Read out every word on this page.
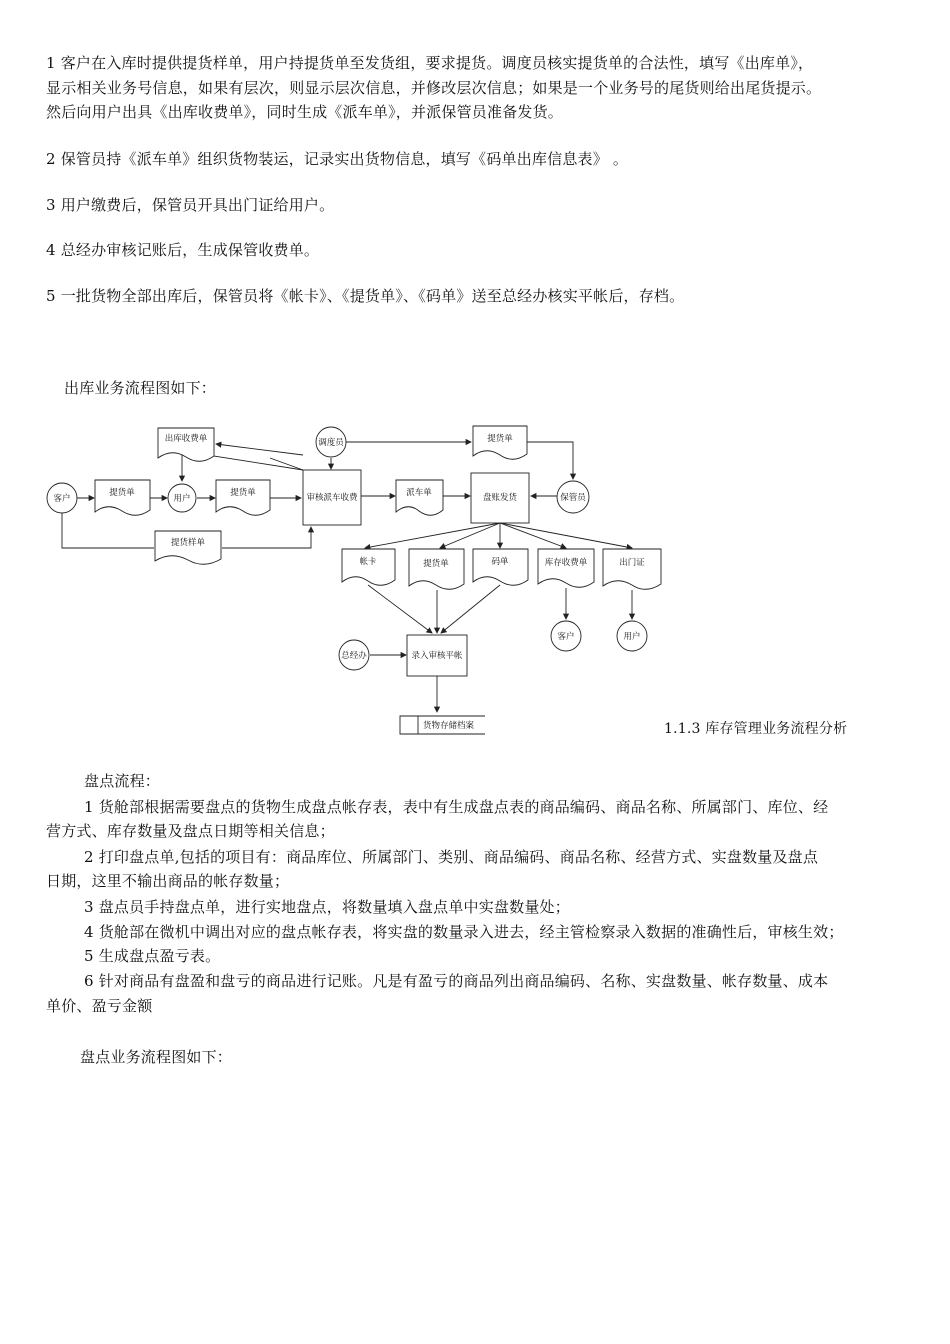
1 客户在入库时提供提货样单，用户持提货单至发货组，要求提货。调度员核实提货单的合法性，填写《出库单》，
显示相关业务号信息，如果有层次，则显示层次信息，并修改层次信息；如果是一个业务号的尾货则给出尾货提示。
然后向用户出具《出库收费单》，同时生成《派车单》，并派保管员准备发货。
2 保管员持《派车单》组织货物装运，记录实出货物信息，填写《码单出库信息表》 。
3 用户缴费后，保管员开具出门证给用户。
4 总经办审核记账后，生成保管收费单。
5 一批货物全部出库后，保管员将《帐卡》、《提货单》、《码单》送至总经办核实平帐后，存档。
出库业务流程图如下：
客户
提货单
用户
提货单	审核派车收费
出库收费单	调度员	提货单
提货样单
派车单	盘账发货	保管员
帐卡	提货单	码单	库存收费单	出门证
客户	用户
总经办	录入审核平帐
货物存储档案	1.1.3 库存管理业务流程分析
盘点流程：
1 货舱部根据需要盘点的货物生成盘点帐存表，表中有生成盘点表的商品编码、商品名称、所属部门、库位、经
营方式、库存数量及盘点日期等相关信息；
2 打印盘点单,包括的项目有：商品库位、所属部门、类别、商品编码、商品名称、经营方式、实盘数量及盘点
日期，这里不输出商品的帐存数量；
3 盘点员手持盘点单，进行实地盘点，将数量填入盘点单中实盘数量处；
4 货舱部在微机中调出对应的盘点帐存表，将实盘的数量录入进去，经主管检察录入数据的准确性后，审核生效；
5 生成盘点盈亏表。
6 针对商品有盘盈和盘亏的商品进行记账。凡是有盈亏的商品列出商品编码、名称、实盘数量、帐存数量、成本
单价、盈亏金额
盘点业务流程图如下：
